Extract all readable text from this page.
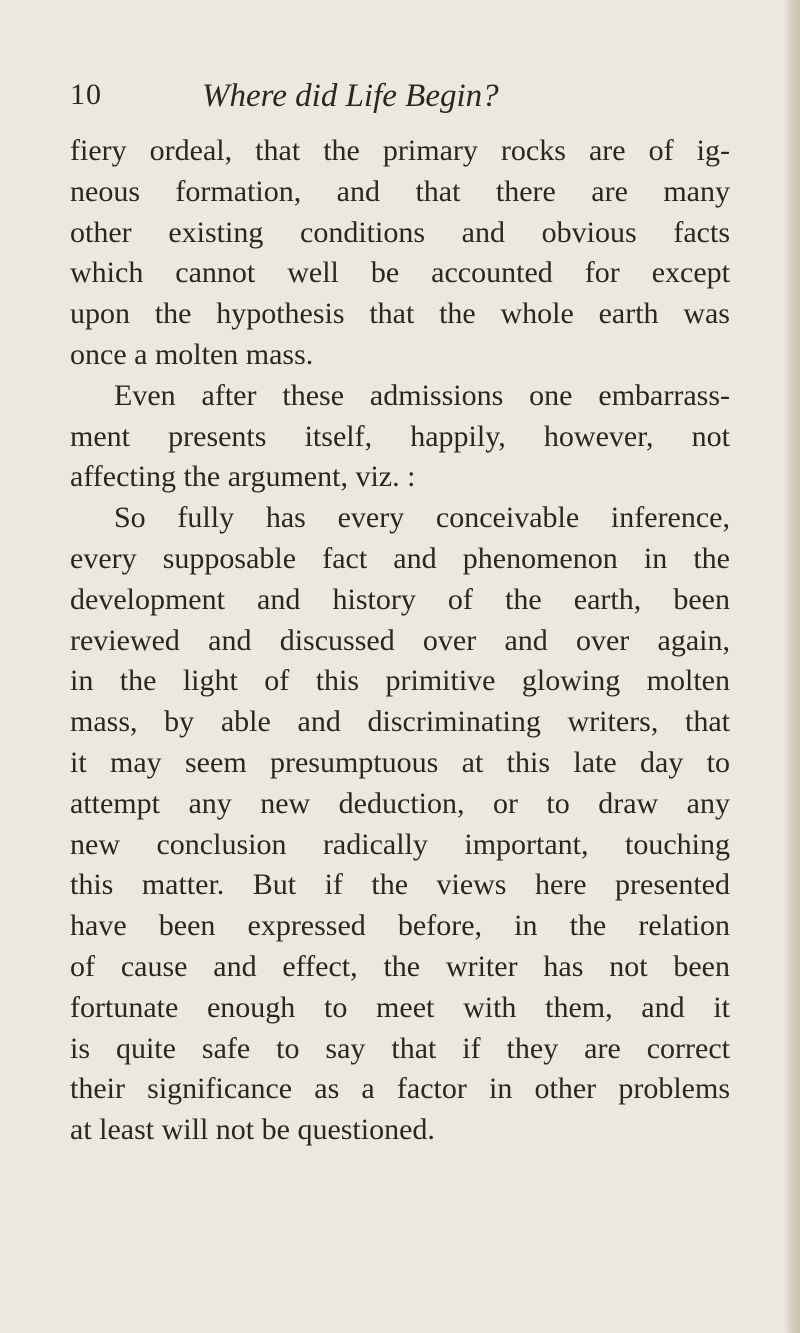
10	Where did Life Begin?
fiery ordeal, that the primary rocks are of ig-
neous formation, and that there are many
other existing conditions and obvious facts
which cannot well be accounted for except
upon the hypothesis that the whole earth was
once a molten mass.
Even after these admissions one embarrass-
ment presents itself, happily, however, not
affecting the argument, viz. :
So fully has every conceivable inference,
every supposable fact and phenomenon in the
development and history of the earth, been
reviewed and discussed over and over again,
in the light of this primitive glowing molten
mass, by able and discriminating writers, that
it may seem presumptuous at this late day to
attempt any new deduction, or to draw any
new conclusion radically important, touching
this matter. But if the views here presented
have been expressed before, in the relation
of cause and effect, the writer has not been
fortunate enough to meet with them, and it
is quite safe to say that if they are correct
their significance as a factor in other problems
at least will not be questioned.
